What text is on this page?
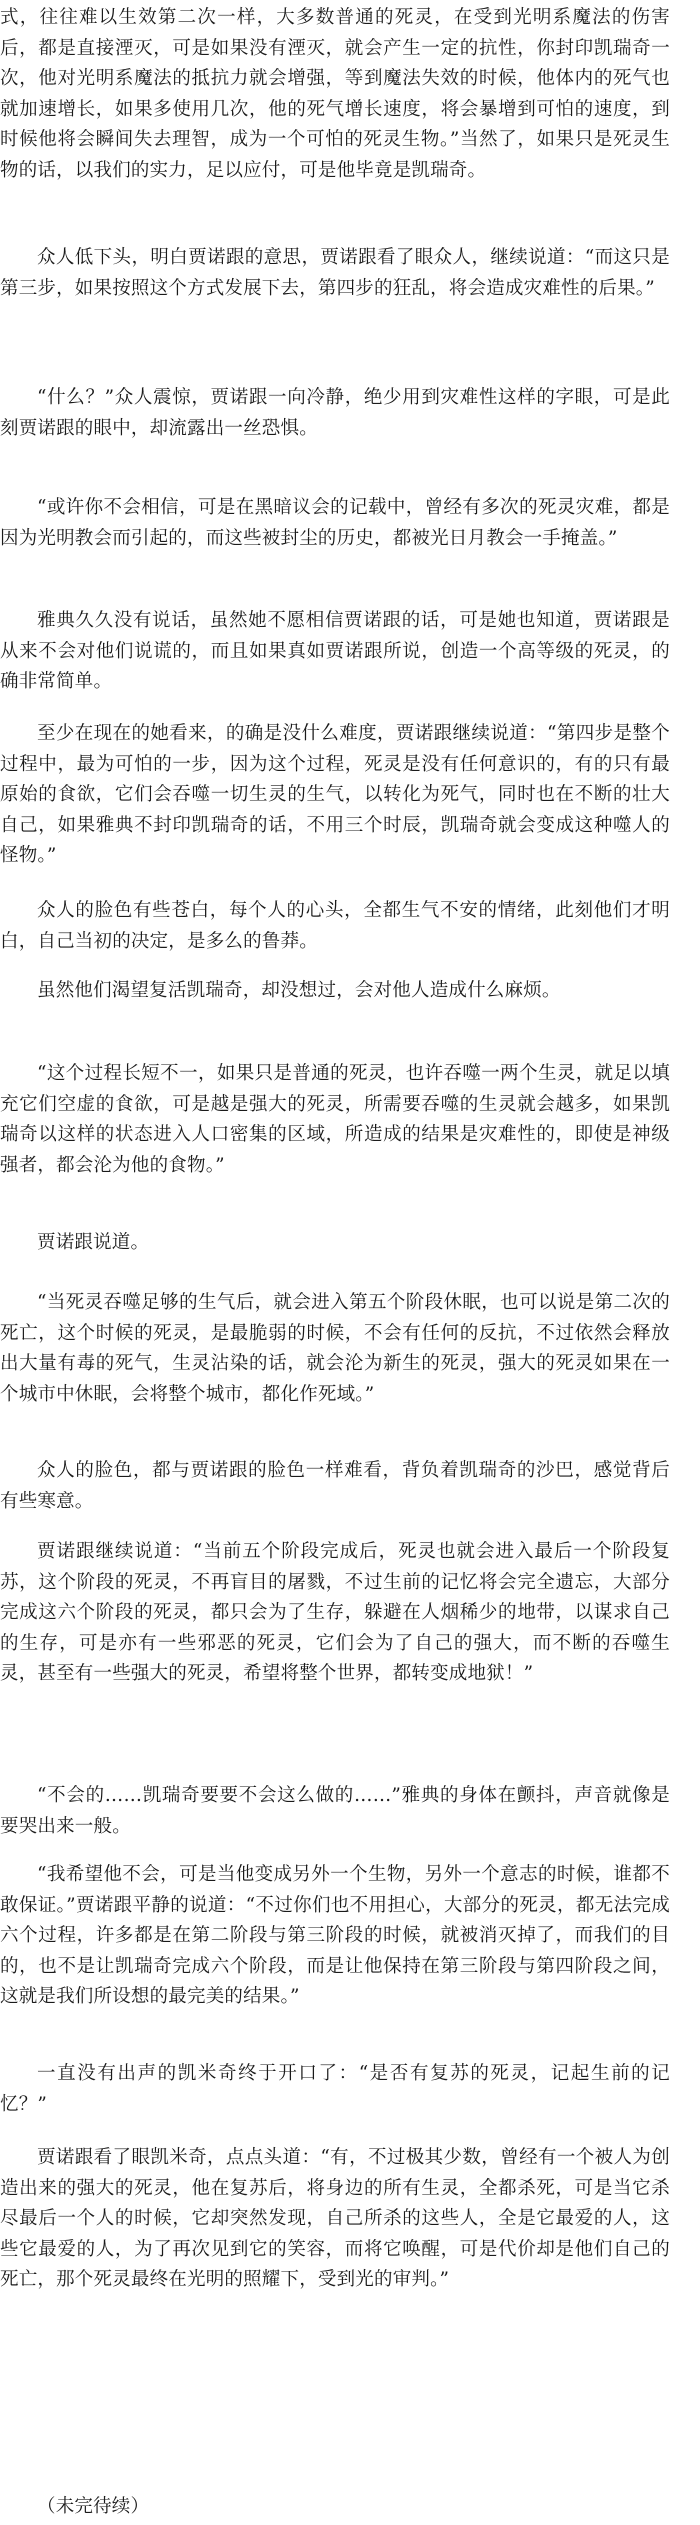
式，往往难以生效第二次一样，大多数普通的死灵，在受到光明系魔法的伤害后，都是直接湮灭，可是如果没有湮灭，就会产生一定的抗性，你封印凯瑞奇一次，他对光明系魔法的抵抗力就会增强，等到魔法失效的时候，他体内的死气也就加速增长，如果多使用几次，他的死气增长速度，将会暴增到可怕的速度，到时候他将会瞬间失去理智，成为一个可怕的死灵生物。”当然了，如果只是死灵生物的话，以我们的实力，足以应付，可是他毕竟是凯瑞奇。

众人低下头，明白贾诺跟的意思，贾诺跟看了眼众人，继续说道：“而这只是第三步，如果按照这个方式发展下去，第四步的狂乱，将会造成灾难性的后果。”

“什么？”众人震惊，贾诺跟一向冷静，绝少用到灾难性这样的字眼，可是此刻贾诺跟的眼中，却流露出一丝恐惧。

“或许你不会相信，可是在黑暗议会的记载中，曾经有多次的死灵灾难，都是因为光明教会而引起的，而这些被封尘的历史，都被光日月教会一手掩盖。”

雅典久久没有说话，虽然她不愿相信贾诺跟的话，可是她也知道，贾诺跟是从来不会对他们说谎的，而且如果真如贾诺跟所说，创造一个高等级的死灵，的确非常简单。

至少在现在的她看来，的确是没什么难度，贾诺跟继续说道：“第四步是整个过程中，最为可怕的一步，因为这个过程，死灵是没有任何意识的，有的只有最原始的食欲，它们会吞噬一切生灵的生气，以转化为死气，同时也在不断的壮大自己，如果雅典不封印凯瑞奇的话，不用三个时辰，凯瑞奇就会变成这种噬人的怪物。”

众人的脸色有些苍白，每个人的心头，全都生气不安的情绪，此刻他们才明白，自己当初的决定，是多么的鲁莽。

虽然他们渴望复活凯瑞奇，却没想过，会对他人造成什么麻烦。

“这个过程长短不一，如果只是普通的死灵，也许吞噬一两个生灵，就足以填充它们空虚的食欲，可是越是强大的死灵，所需要吞噬的生灵就会越多，如果凯瑞奇以这样的状态进入人口密集的区域，所造成的结果是灾难性的，即使是神级强者，都会沦为他的食物。”

贾诺跟说道。

“当死灵吞噬足够的生气后，就会进入第五个阶段休眠，也可以说是第二次的死亡，这个时候的死灵，是最脆弱的时候，不会有任何的反抗，不过依然会释放出大量有毒的死气，生灵沾染的话，就会沦为新生的死灵，强大的死灵如果在一个城市中休眠，会将整个城市，都化作死域。”

众人的脸色，都与贾诺跟的脸色一样难看，背负着凯瑞奇的沙巴，感觉背后有些寒意。

贾诺跟继续说道：“当前五个阶段完成后，死灵也就会进入最后一个阶段复苏，这个阶段的死灵，不再盲目的屠戮，不过生前的记忆将会完全遗忘，大部分完成这六个阶段的死灵，都只会为了生存，躲避在人烟稀少的地带，以谋求自己的生存，可是亦有一些邪恶的死灵，它们会为了自己的强大，而不断的吞噬生灵，甚至有一些强大的死灵，希望将整个世界，都转变成地狱！”

“不会的……凯瑞奇要要不会这么做的……”雅典的身体在颤抖，声音就像是要哭出来一般。

“我希望他不会，可是当他变成另外一个生物，另外一个意志的时候，谁都不敢保证。”贾诺跟平静的说道：“不过你们也不用担心，大部分的死灵，都无法完成六个过程，许多都是在第二阶段与第三阶段的时候，就被消灭掉了，而我们的目的，也不是让凯瑞奇完成六个阶段，而是让他保持在第三阶段与第四阶段之间，这就是我们所设想的最完美的结果。”

一直没有出声的凯米奇终于开口了：“是否有复苏的死灵，记起生前的记忆？”

贾诺跟看了眼凯米奇，点点头道：“有，不过极其少数，曾经有一个被人为创造出来的强大的死灵，他在复苏后，将身边的所有生灵，全都杀死，可是当它杀尽最后一个人的时候，它却突然发现，自己所杀的这些人，全是它最爱的人，这些它最爱的人，为了再次见到它的笑容，而将它唤醒，可是代价却是他们自己的死亡，那个死灵最终在光明的照耀下，受到光的审判。”

（未完待续）
